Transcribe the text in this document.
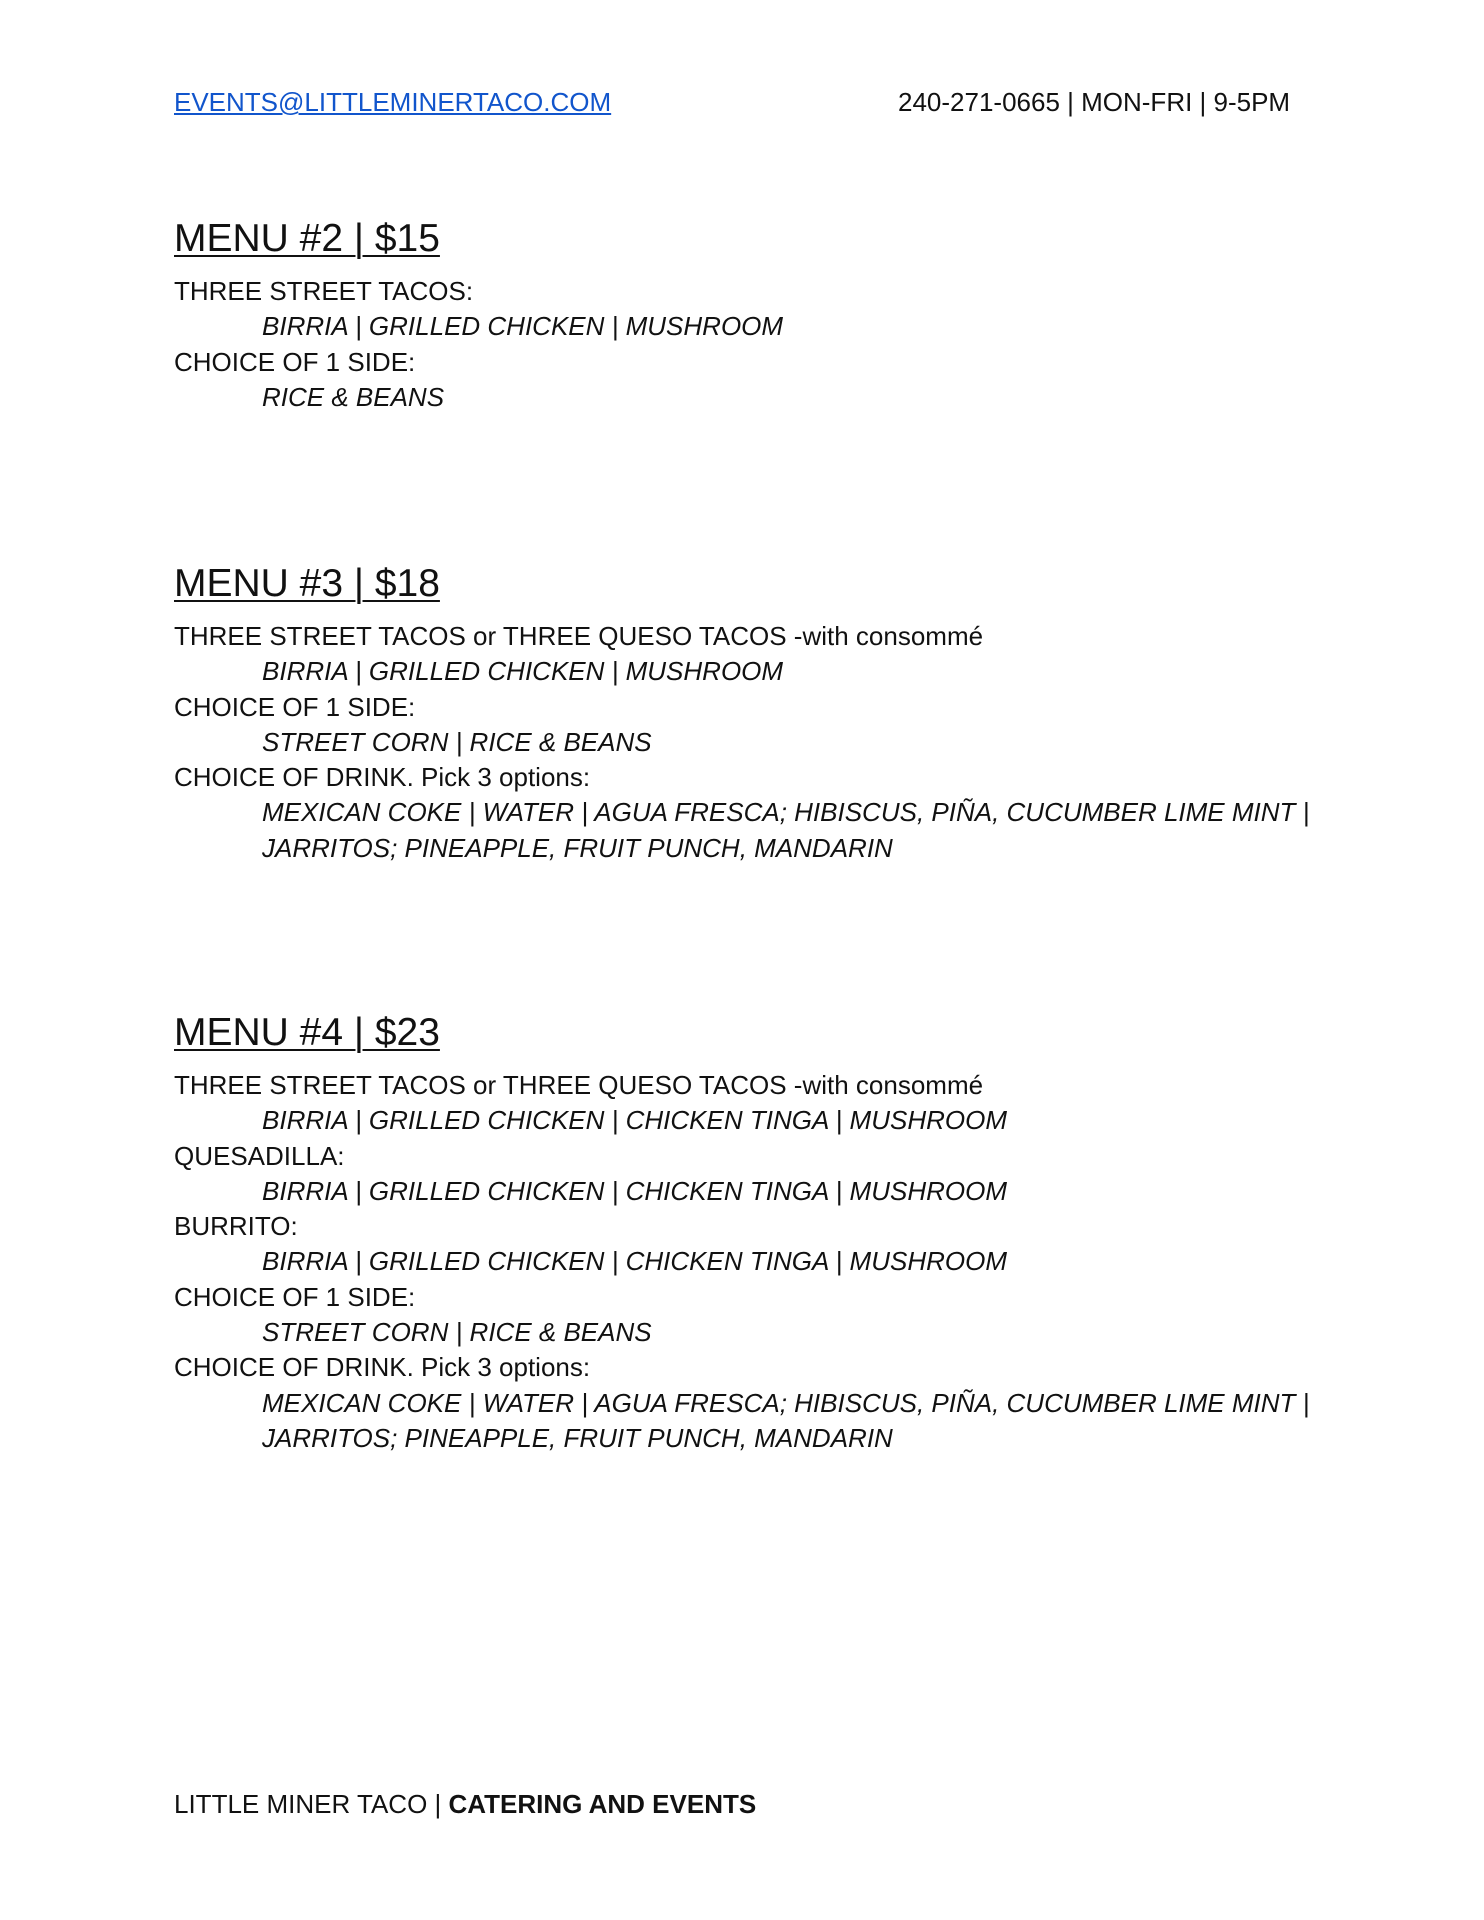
EVENTS@LITTLEMINERTACO.COM	240-271-0665 | MON-FRI | 9-5PM
MENU #2 | $15
THREE STREET TACOS:
BIRRIA | GRILLED CHICKEN | MUSHROOM
CHOICE OF 1 SIDE:
RICE & BEANS
MENU #3 | $18
THREE STREET TACOS or THREE QUESO TACOS -with consommé
BIRRIA | GRILLED CHICKEN | MUSHROOM
CHOICE OF 1 SIDE:
STREET CORN | RICE & BEANS
CHOICE OF DRINK. Pick 3 options:
MEXICAN COKE | WATER | AGUA FRESCA; HIBISCUS, PIÑA, CUCUMBER LIME MINT |
JARRITOS; PINEAPPLE, FRUIT PUNCH, MANDARIN
MENU #4 | $23
THREE STREET TACOS or THREE QUESO TACOS -with consommé
BIRRIA | GRILLED CHICKEN | CHICKEN TINGA | MUSHROOM
QUESADILLA:
BIRRIA | GRILLED CHICKEN | CHICKEN TINGA | MUSHROOM
BURRITO:
BIRRIA | GRILLED CHICKEN | CHICKEN TINGA | MUSHROOM
CHOICE OF 1 SIDE:
STREET CORN | RICE & BEANS
CHOICE OF DRINK. Pick 3 options:
MEXICAN COKE | WATER | AGUA FRESCA; HIBISCUS, PIÑA, CUCUMBER LIME MINT |
JARRITOS; PINEAPPLE, FRUIT PUNCH, MANDARIN
LITTLE MINER TACO | CATERING AND EVENTS
